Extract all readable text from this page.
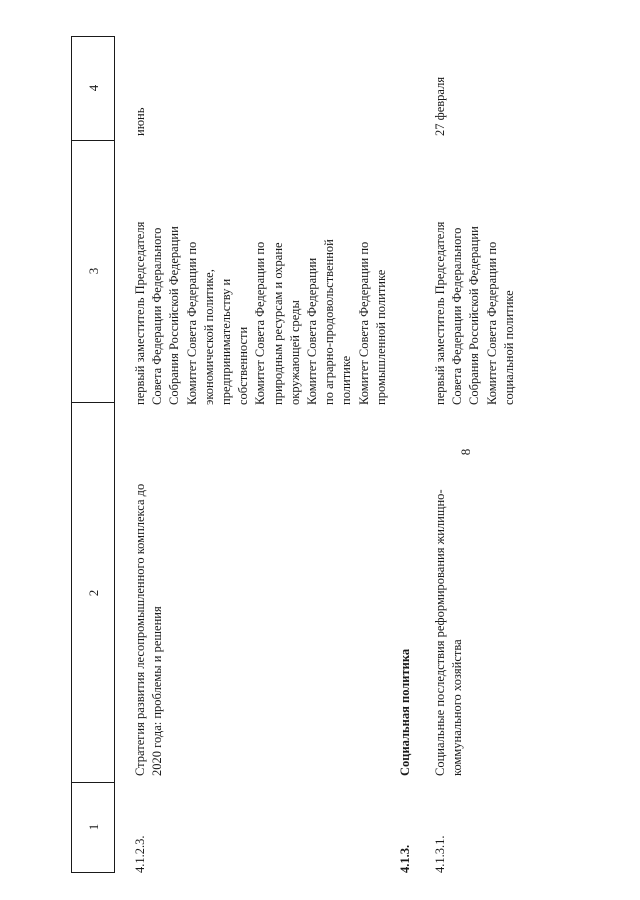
8
1
2
3
4
4.1.2.3.
Стратегия развития лесопромышленного комплекса до
2020 года: проблемы и решения
первый заместитель Председателя
Совета Федерации Федерального
Собрания Российской Федерации
Комитет Совета Федерации по
экономической политике,
предпринимательству и
собственности
Комитет Совета Федерации по
природным ресурсам и охране
окружающей среды
Комитет Совета Федерации
по аграрно-продовольственной
политике
Комитет Совета Федерации по
промышленной политике
июнь
4.1.3.
Социальная политика
4.1.3.1.
Социальные последствия реформирования жилищно-
коммунального хозяйства
первый заместитель Председателя
Совета Федерации Федерального
Собрания Российской Федерации
Комитет Совета Федерации по
социальной политике
27 февраля
